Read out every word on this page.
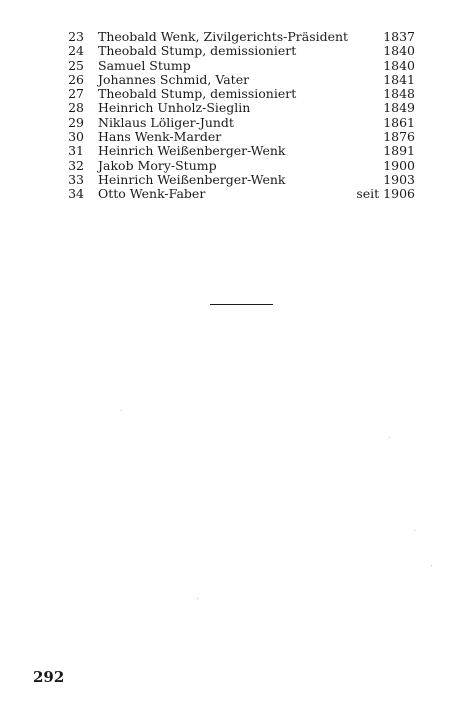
23 Theobald Wenk, Zivilgerichts-Präsident	1837
24 Theobald Stump, demissioniert	1840
25 Samuel Stump	1840
26 Johannes Schmid, Vater	1841
27 Theobald Stump, demissioniert	1848
28 Heinrich Unholz-Sieglin	1849
29 Niklaus Löliger-Jundt	1861
30 Hans Wenk-Marder	1876
31 Heinrich Weißenberger-Wenk	1891
32 Jakob Mory-Stump	1900
33 Heinrich Weißenberger-Wenk	1903
34 Otto Wenk-Faber	seit 1906
292
